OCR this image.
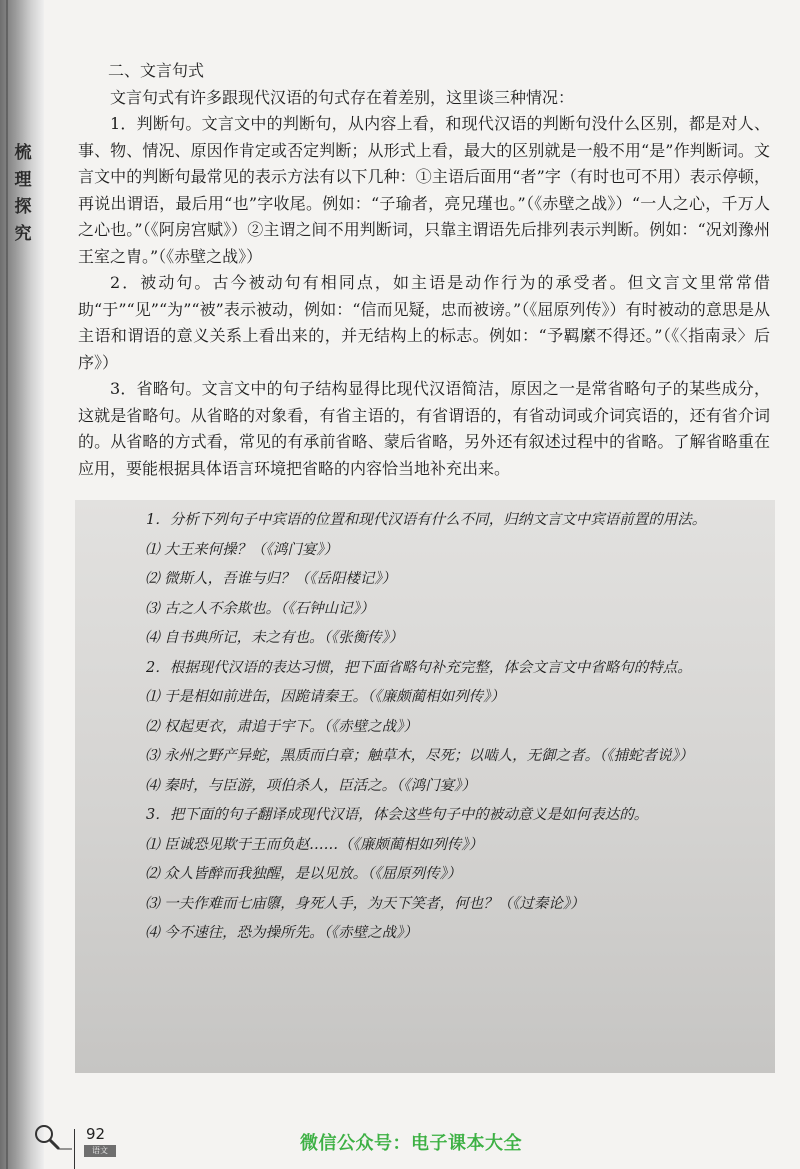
梳
理
探
究

二、文言句式

文言句式有许多跟现代汉语的句式存在着差别，这里谈三种情况：

1．判断句。文言文中的判断句，从内容上看，和现代汉语的判断句没什么区别，都是对人、事、物、情况、原因作肯定或否定判断；从形式上看，最大的区别就是一般不用“是”作判断词。文言文中的判断句最常见的表示方法有以下几种：①主语后面用“者”字（有时也可不用）表示停顿，再说出谓语，最后用“也”字收尾。例如：“子瑜者，亮兄瑾也。”（《赤壁之战》）“一人之心，千万人之心也。”（《阿房宫赋》）②主谓之间不用判断词，只靠主谓语先后排列表示判断。例如：“况刘豫州王室之胄。”（《赤壁之战》）

2．被动句。古今被动句有相同点，如主语是动作行为的承受者。但文言文里常常借助“于”“见”“为”“被”表示被动，例如：“信而见疑，忠而被谤。”（《屈原列传》）有时被动的意思是从主语和谓语的意义关系上看出来的，并无结构上的标志。例如：“予羁縻不得还。”（《〈指南录〉后序》）

3．省略句。文言文中的句子结构显得比现代汉语简洁，原因之一是常省略句子的某些成分，这就是省略句。从省略的对象看，有省主语的，有省谓语的，有省动词或介词宾语的，还有省介词的。从省略的方式看，常见的有承前省略、蒙后省略，另外还有叙述过程中的省略。了解省略重在应用，要能根据具体语言环境把省略的内容恰当地补充出来。

1．分析下列句子中宾语的位置和现代汉语有什么不同，归纳文言文中宾语前置的用法。

⑴ 大王来何操？（《鸿门宴》）

⑵ 微斯人，吾谁与归？（《岳阳楼记》）

⑶ 古之人不余欺也。（《石钟山记》）

⑷ 自书典所记，未之有也。（《张衡传》）

2．根据现代汉语的表达习惯，把下面省略句补充完整，体会文言文中省略句的特点。

⑴ 于是相如前进缶，因跪请秦王。（《廉颇蔺相如列传》）

⑵ 权起更衣，肃追于宇下。（《赤壁之战》）

⑶ 永州之野产异蛇，黑质而白章；触草木，尽死；以啮人，无御之者。（《捕蛇者说》）

⑷ 秦时，与臣游，项伯杀人，臣活之。（《鸿门宴》）

3．把下面的句子翻译成现代汉语，体会这些句子中的被动意义是如何表达的。

⑴ 臣诚恐见欺于王而负赵……（《廉颇蔺相如列传》）

⑵ 众人皆醉而我独醒，是以见放。（《屈原列传》）

⑶ 一夫作难而七庙隳，身死人手，为天下笑者，何也？（《过秦论》）

⑷ 今不速往，恐为操所先。（《赤壁之战》）

92
语文	微信公众号：电子课本大全
